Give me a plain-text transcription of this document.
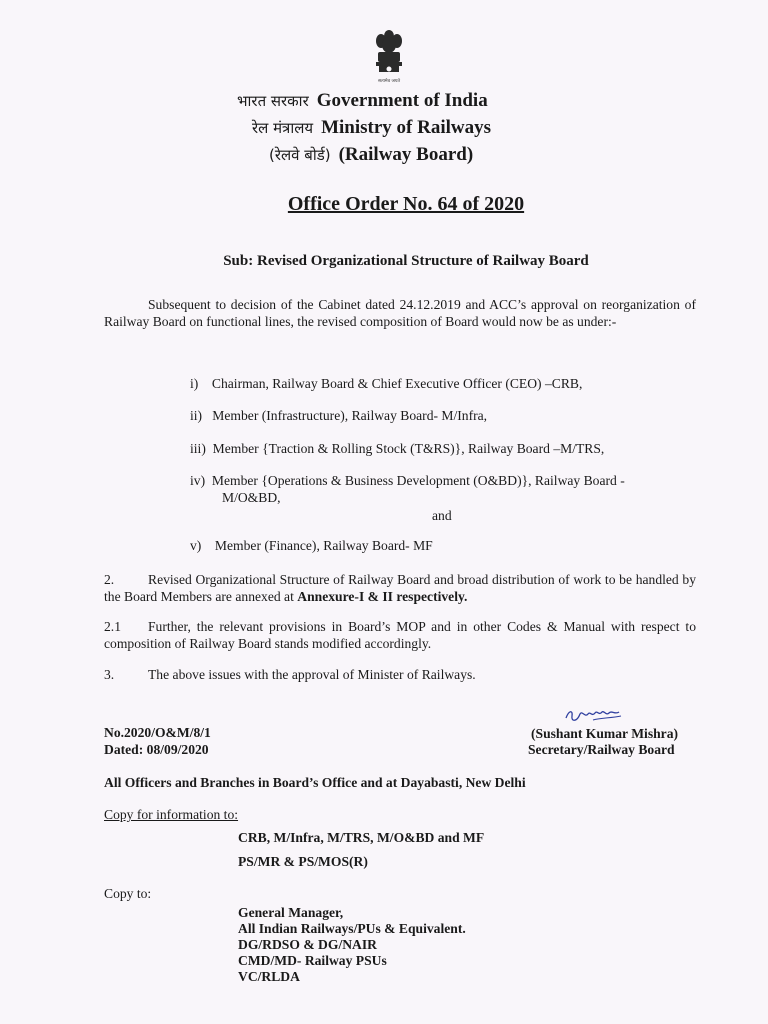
सत्यमेव जयते
भारत सरकार Government of India
रेल मंत्रालय Ministry of Railways
(रेलवे बोर्ड) (Railway Board)
Office Order No. 64 of 2020
Sub: Revised Organizational Structure of Railway Board
Subsequent to decision of the Cabinet dated 24.12.2019 and ACC’s approval on reorganization of Railway Board on functional lines, the revised composition of Board would now be as under:-
i) Chairman, Railway Board & Chief Executive Officer (CEO) –CRB,
ii) Member (Infrastructure), Railway Board- M/Infra,
iii) Member {Traction & Rolling Stock (T&RS)}, Railway Board –M/TRS,
iv) Member {Operations & Business Development (O&BD)}, Railway Board -
M/O&BD,
and
v) Member (Finance), Railway Board- MF
2. Revised Organizational Structure of Railway Board and broad distribution of work to be handled by the Board Members are annexed at Annexure-I & II respectively.
2.1 Further, the relevant provisions in Board’s MOP and in other Codes & Manual with respect to composition of Railway Board stands modified accordingly.
3. The above issues with the approval of Minister of Railways.
No.2020/O&M/8/1
Dated: 08/09/2020
(Sushant Kumar Mishra)
Secretary/Railway Board
All Officers and Branches in Board’s Office and at Dayabasti, New Delhi
Copy for information to:
CRB, M/Infra, M/TRS, M/O&BD and MF
PS/MR & PS/MOS(R)
Copy to:
General Manager,
All Indian Railways/PUs & Equivalent.
DG/RDSO & DG/NAIR
CMD/MD- Railway PSUs
VC/RLDA
